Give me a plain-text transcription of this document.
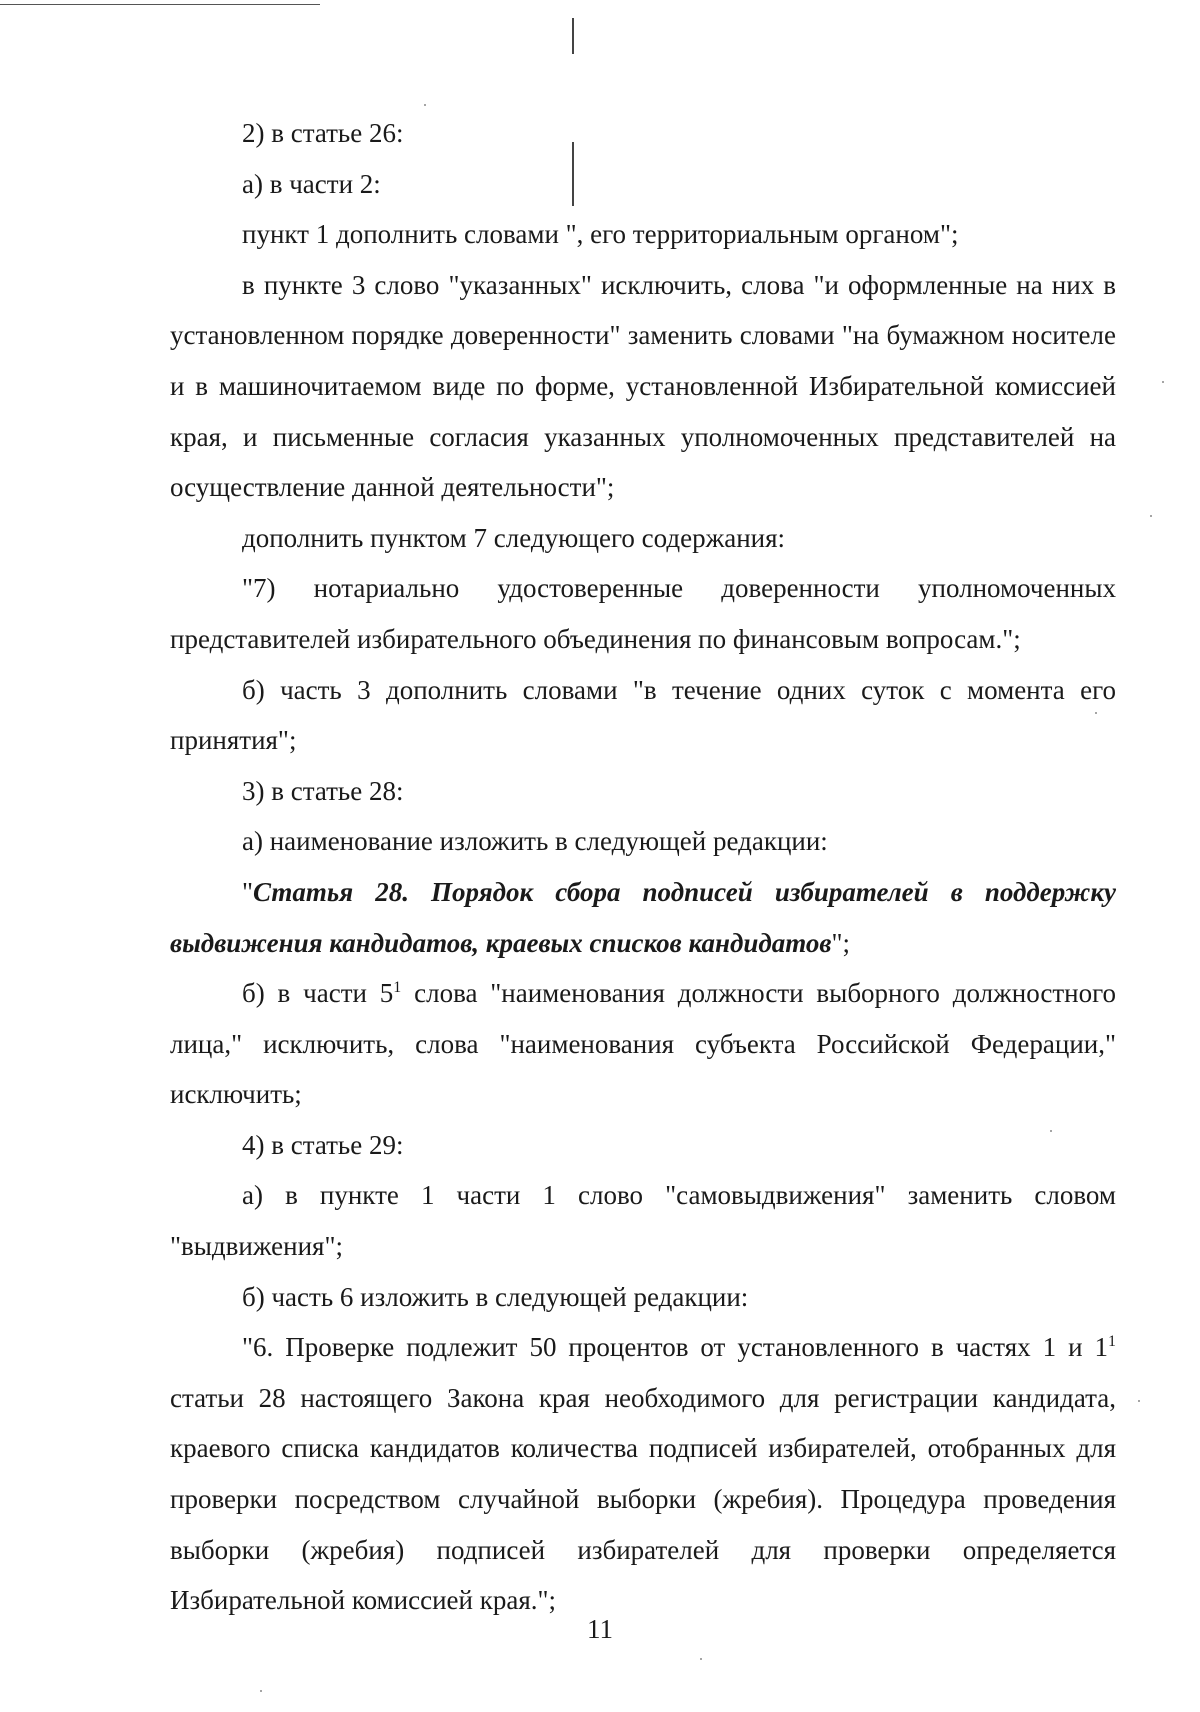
2) в статье 26:

а) в части 2:

пункт 1 дополнить словами ", его территориальным органом";

в пункте 3 слово "указанных" исключить, слова "и оформленные на них в установленном порядке доверенности" заменить словами "на бумажном носителе и в машиночитаемом виде по форме, установленной Избирательной комиссией края, и письменные согласия указанных уполномоченных представителей на осуществление данной деятельности";

дополнить пунктом 7 следующего содержания:

"7) нотариально удостоверенные доверенности уполномоченных представителей избирательного объединения по финансовым вопросам.";

б) часть 3 дополнить словами "в течение одних суток с момента его принятия";

3) в статье 28:

а) наименование изложить в следующей редакции:

"Статья 28. Порядок сбора подписей избирателей в поддержку выдвижения кандидатов, краевых списков кандидатов";

б) в части $5^1$ слова "наименования должности выборного должностного лица," исключить, слова "наименования субъекта Российской Федерации," исключить;

4) в статье 29:

а) в пункте 1 части 1 слово "самовыдвижения" заменить словом "выдвижения";

б) часть 6 изложить в следующей редакции:

"6. Проверке подлежит 50 процентов от установленного в частях 1 и $1^1$ статьи 28 настоящего Закона края необходимого для регистрации кандидата, краевого списка кандидатов количества подписей избирателей, отобранных для проверки посредством случайной выборки (жребия). Процедура проведения выборки (жребия) подписей избирателей для проверки определяется Избирательной комиссией края.";

11
